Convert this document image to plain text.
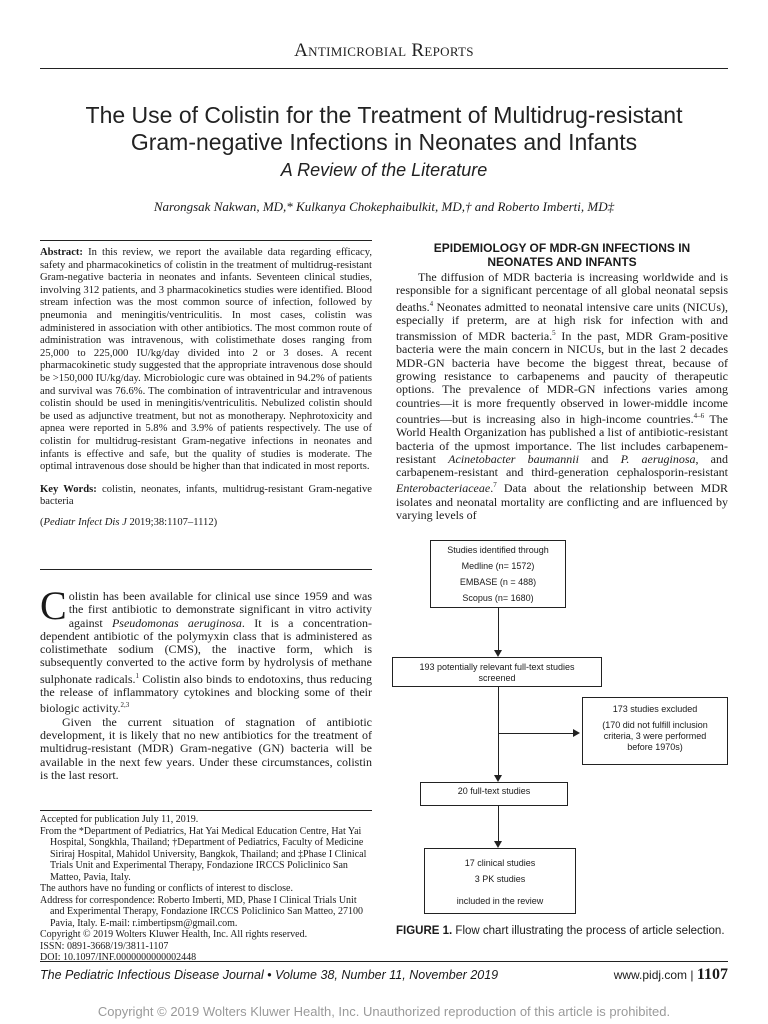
Antimicrobial Reports
The Use of Colistin for the Treatment of Multidrug-resistant
Gram-negative Infections in Neonates and Infants
A Review of the Literature
Narongsak Nakwan, MD,* Kulkanya Chokephaibulkit, MD,† and Roberto Imberti, MD‡

Abstract: In this review, we report the available data regarding efficacy, safety and pharmacokinetics of colistin in the treatment of multidrug-resistant Gram-negative bacteria in neonates and infants. Seventeen clinical studies, involving 312 patients, and 3 pharmacokinetics studies were identified. Blood stream infection was the most common source of infection, followed by pneumonia and meningitis/ventriculitis. In most cases, colistin was administered in association with other antibiotics. The most common route of administration was intravenous, with colistimethate doses ranging from 25,000 to 225,000 IU/kg/day divided into 2 or 3 doses. A recent pharmacokinetic study suggested that the appropriate intravenous dose should be >150,000 IU/kg/day. Microbiologic cure was obtained in 94.2% of patients and survival was 76.6%. The combination of intraventricular and intravenous colistin should be used in meningitis/ventriculitis. Nebulized colistin should be used as adjunctive treatment, but not as monotherapy. Nephrotoxicity and apnea were reported in 5.8% and 3.9% of patients respectively. The use of colistin for multidrug-resistant Gram-negative infections in neonates and infants is effective and safe, but the quality of studies is moderate. The optimal intravenous dose should be higher than that indicated in most reports.

Key Words: colistin, neonates, infants, multidrug-resistant Gram-negative bacteria

(Pediatr Infect Dis J 2019;38:1107–1112)

Colistin has been available for clinical use since 1959 and was the first antibiotic to demonstrate significant in vitro activity against Pseudomonas aeruginosa. It is a concentration-dependent antibiotic of the polymyxin class that is administered as colistimethate sodium (CMS), the inactive form, which is subsequently converted to the active form by hydrolysis of methane sulphonate radicals.$^1$ Colistin also binds to endotoxins, thus reducing the release of inflammatory cytokines and blocking some of their biologic activity.$^{2,3}$

Given the current situation of stagnation of antibiotic development, it is likely that no new antibiotics for the treatment of multidrug-resistant (MDR) Gram-negative (GN) bacteria will be available in the next few years. Under these circumstances, colistin is the last resort.

Accepted for publication July 11, 2019.
From the *Department of Pediatrics, Hat Yai Medical Education Centre, Hat Yai Hospital, Songkhla, Thailand; †Department of Pediatrics, Faculty of Medicine Siriraj Hospital, Mahidol University, Bangkok, Thailand; and ‡Phase I Clinical Trials Unit and Experimental Therapy, Fondazione IRCCS Policlinico San Matteo, Pavia, Italy.
The authors have no funding or conflicts of interest to disclose.
Address for correspondence: Roberto Imberti, MD, Phase I Clinical Trials Unit and Experimental Therapy, Fondazione IRCCS Policlinico San Matteo, 27100 Pavia, Italy. E-mail: r.imbertipsm@gmail.com.
Copyright © 2019 Wolters Kluwer Health, Inc. All rights reserved.
ISSN: 0891-3668/19/3811-1107
DOI: 10.1097/INF.0000000000002448
EPIDEMIOLOGY OF MDR-GN INFECTIONS IN
NEONATES AND INFANTS

The diffusion of MDR bacteria is increasing worldwide and is responsible for a significant percentage of all global neonatal sepsis deaths.$^4$ Neonates admitted to neonatal intensive care units (NICUs), especially if preterm, are at high risk for infection with and transmission of MDR bacteria.$^5$ In the past, MDR Gram-positive bacteria were the main concern in NICUs, but in the last 2 decades MDR-GN bacteria have become the biggest threat, because of growing resistance to carbapenems and paucity of therapeutic options. The prevalence of MDR-GN infections varies among countries—it is more frequently observed in lower-middle income countries—but is increasing also in high-income countries.$^{4-6}$ The World Health Organization has published a list of antibiotic-resistant bacteria of the upmost importance. The list includes carbapenem-resistant Acinetobacter baumannii and P. aeruginosa, and carbapenem-resistant and third-generation cephalosporin-resistant Enterobacteriaceae.$^7$ Data about the relationship between MDR isolates and neonatal mortality are conflicting and are influenced by varying levels of

Studies identified through
Medline (n= 1572)
EMBASE (n = 488)
Scopus (n= 1680)
193 potentially relevant full-text studies
screened
173 studies excluded
(170 did not fulfill inclusion
criteria, 3 were performed
before 1970s)
20 full-text studies
17 clinical studies
3 PK studies
included in the review
FIGURE 1. Flow chart illustrating the process of article selection.
The Pediatric Infectious Disease Journal • Volume 38, Number 11, November 2019	www.pidj.com | 1107
Copyright © 2019 Wolters Kluwer Health, Inc. Unauthorized reproduction of this article is prohibited.
